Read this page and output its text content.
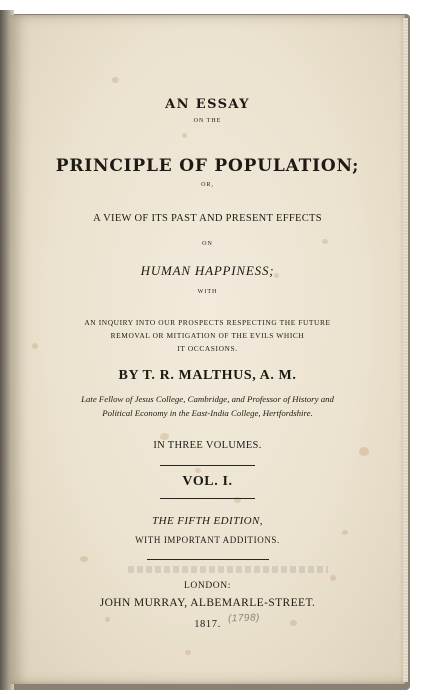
AN ESSAY
ON THE
PRINCIPLE OF POPULATION;
OR,
A VIEW OF ITS PAST AND PRESENT EFFECTS
ON
HUMAN HAPPINESS;
WITH
AN INQUIRY INTO OUR PROSPECTS RESPECTING THE FUTURE
REMOVAL OR MITIGATION OF THE EVILS WHICH
IT OCCASIONS.
BY T. R. MALTHUS, A. M.
Late Fellow of Jesus College, Cambridge, and Professor of History and
Political Economy in the East-India College, Hertfordshire.
IN THREE VOLUMES.
VOL. I.
THE FIFTH EDITION,
WITH IMPORTANT ADDITIONS.
LONDON:
JOHN MURRAY, ALBEMARLE-STREET.
1817. (1798)
